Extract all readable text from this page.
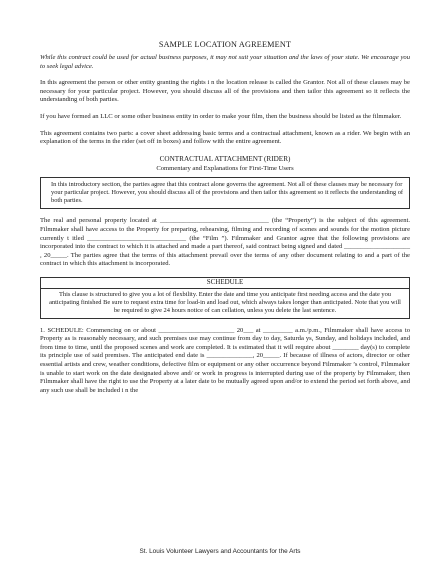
SAMPLE LOCATION AGREEMENT

While this contract could be used for actual business purposes, it may not suit your situation and the laws of your state. We encourage you to seek legal advice.

In this agreement the person or other entity granting the rights i n the location release is called the Grantor. Not all of these clauses may be necessary for your particular project. However, you should discuss all of the provisions and then tailor this agreement so it reflects the understanding of both parties.

If you have formed an LLC or some other business entity in order to make your film, then the business should be listed as the filmmaker.

This agreement contains two parts: a cover sheet addressing basic terms and a contractual attachment, known as a rider. We begin with an explanation of the terms in the rider (set off in boxes) and follow with the entire agreement.

CONTRACTUAL ATTACHMENT (RIDER)
Commentary and Explanations for First-Time Users
In this introductory section, the parties agree that this contract alone governs the agreement. Not all of these clauses may be necessary for your particular project. However, you should discuss all of the provisions and then tailor this agreement so it reflects the understanding of both parties.

The real and personal property located at _________________________________ (the “Property”) is the subject of this agreement. Filmmaker shall have access to the Property for preparing, rehearsing, filming and recording of scenes and sounds for the motion picture currently t itled ______________________________ (the “Film ”). Filmmaker and Grantor agree that the following provisions are incorporated into the contract to which it is attached and made a part thereof, said contract being signed and dated ____________________ , 20_____. The parties agree that the terms of this attachment prevail over the terms of any other document relating to and a part of the contract in which this attachment is incorporated.

SCHEDULE
This clause is structured to give you a lot of flexbility. Enter the date and time you anticipate first needing access and the date you anticipating finished Be sure to request extra time for load-in and load out, which always takes longer than anticipated. Note that you will be required to give 24 hours notice of can cellation, unless you delete the last sentence.

1. SCHEDULE: Commencing on or about _______________________ 20___ at _________ a.m./p.m., Filmmaker shall have access to Property as is reasonably necessary, and such premises use may continue from day to day, Saturda ys, Sunday, and holidays included, and from time to time, until the proposed scenes and work are completed. It is estimated that it will require about ________ day(s) to complete its principle use of said premises. The anticipated end date is ______________, 20_____. If because of illness of actors, director or other essential artists and crew, weather conditions, defective film or equipment or any other occurrence beyond Filmmaker ’s control, Filmmaker is unable to start work on the date designated above and/ or work in progress is interrupted during use of the property by Filmmaker, then Filmmaker shall have the right to use the Property at a later date to be mutually agreed upon and/or to extend the period set forth above, and any such use shall be included i n the

St. Louis Volunteer Lawyers and Accountants for the Arts
